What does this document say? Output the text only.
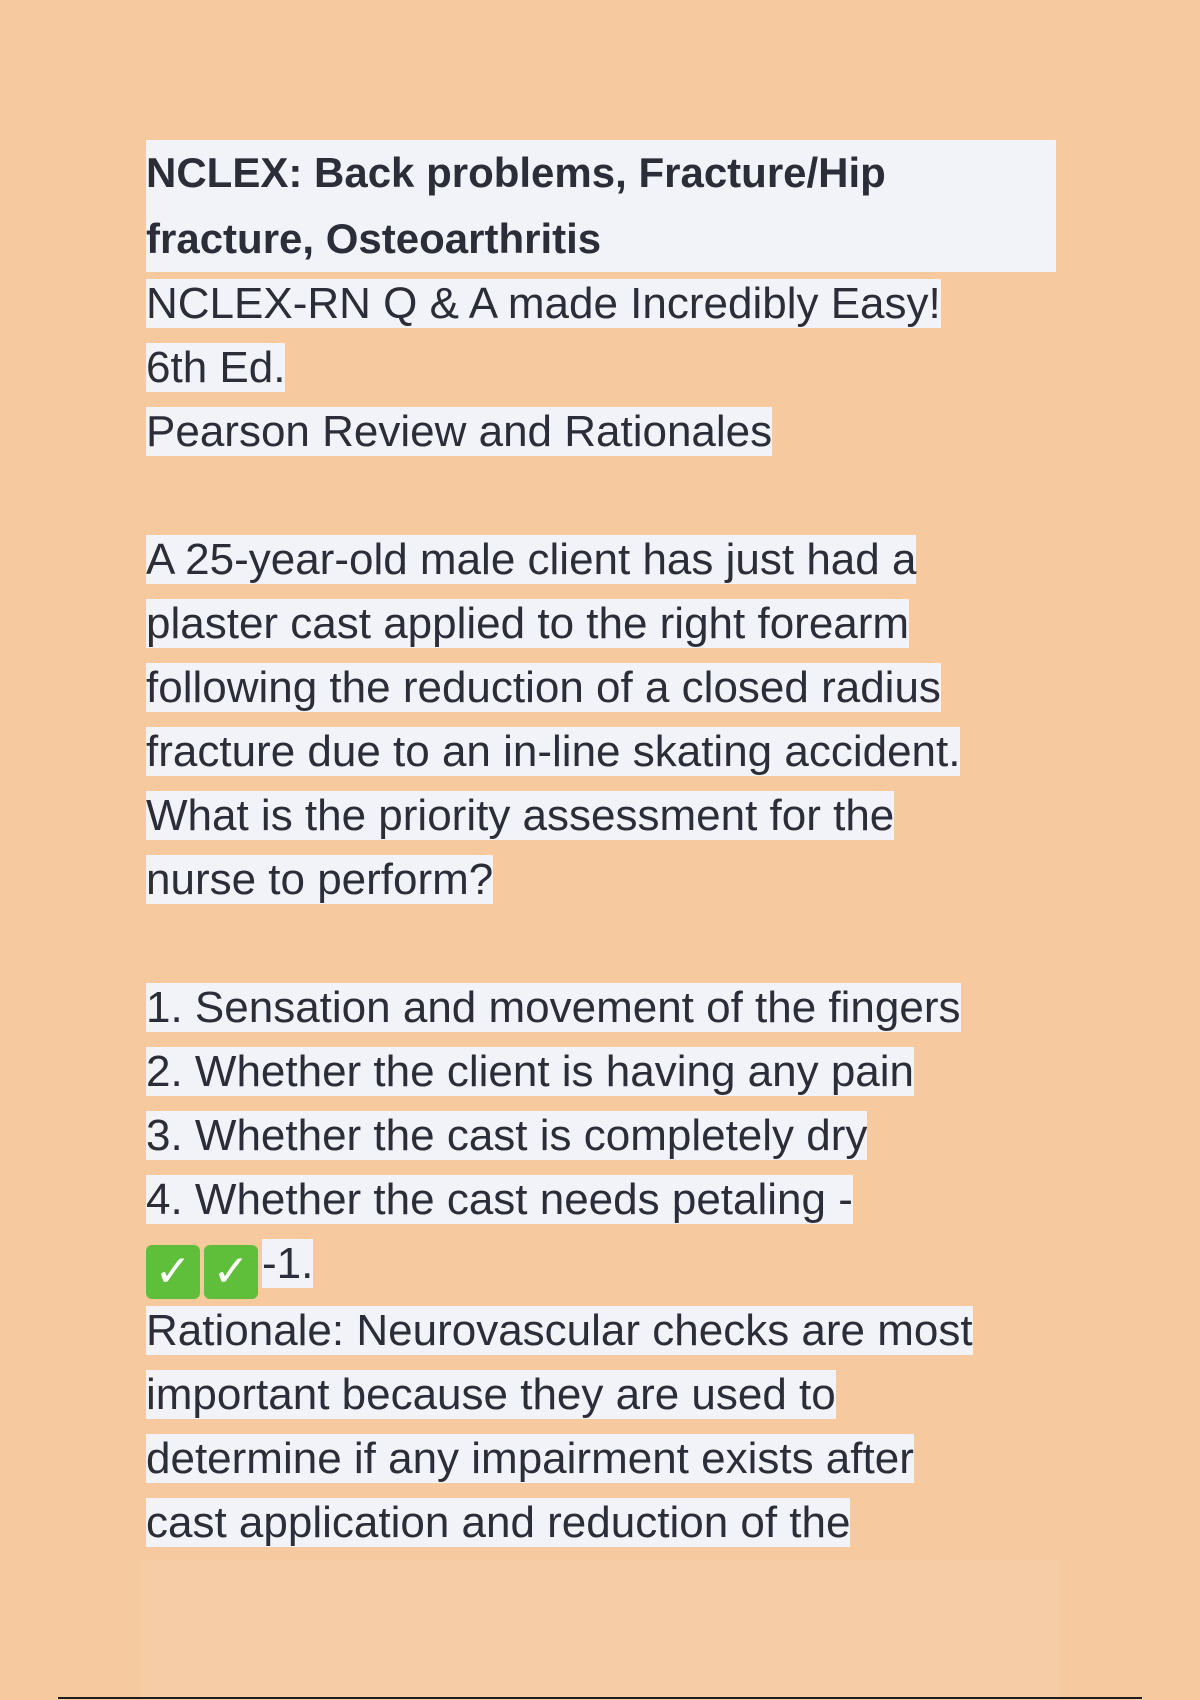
NCLEX: Back problems, Fracture/Hip fracture, Osteoarthritis

NCLEX-RN Q & A made Incredibly Easy!

6th Ed.

Pearson Review and Rationales

A 25-year-old male client has just had a

plaster cast applied to the right forearm

following the reduction of a closed radius

fracture due to an in-line skating accident.

What is the priority assessment for the

nurse to perform?

1. Sensation and movement of the fingers

2. Whether the client is having any pain

3. Whether the cast is completely dry

4. Whether the cast needs petaling -

✓ ✓ -1.

Rationale: Neurovascular checks are most

important because they are used to

determine if any impairment exists after

cast application and reduction of the
